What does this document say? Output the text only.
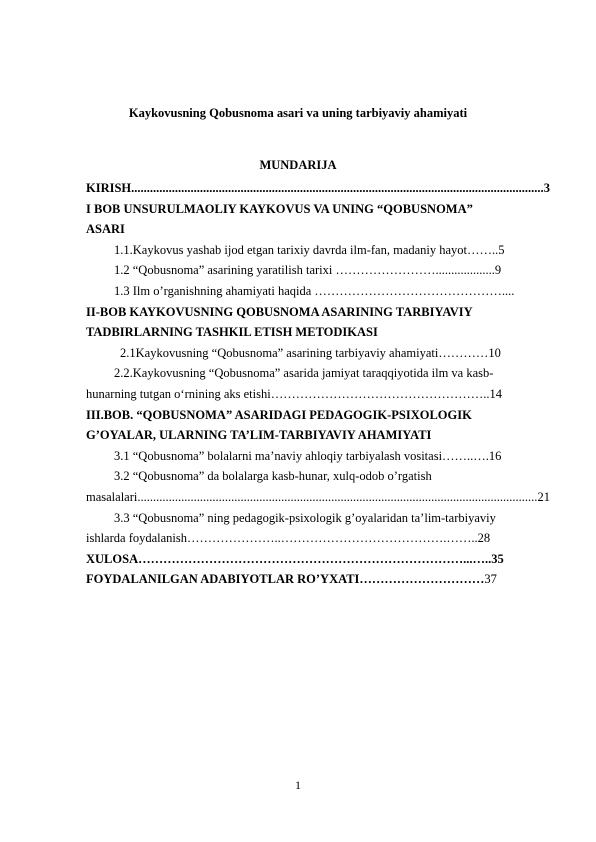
Kaykovusning Qobusnoma asari va uning tarbiyaviy ahamiyati
MUNDARIJA
KIRISH .....	3
I BOB UNSURULMAOLIY KAYKOVUS VA UNING “QOBUSNOMA”
ASARI
1.1.Kaykovus yashab ijod etgan tarixiy davrda ilm-fan, madaniy hayot…….. 5
1.2 “Qobusnoma” asarining yaratilish tarixi ……………………................... 9
1.3 Ilm o’rganishning ahamiyati haqida ………………………………………....
II-BOB KAYKOVUSNING QOBUSNOMA ASARINING TARBIYAVIY
TADBIRLARNING TASHKIL ETISH METODIKASI
2.1Kaykovusning “Qobusnoma” asarining tarbiyaviy ahamiyati………… 10
2.2.Kaykovusning “Qobusnoma” asarida jamiyat taraqqiyotida ilm va kasb-
hunarning tutgan o‘rnining aks etishi…………………………………………….. 14
III.BOB. “QOBUSNOMA” ASARIDAGI PEDAGOGIK-PSIXOLOGIK
G’OYALAR, ULARNING TA’LIM-TARBIYAVIY AHAMIYATI
3.1 “Qobusnoma” bolalarni ma’naviy ahloqiy tarbiyalash vositasi……..…. 16
3.2 “Qobusnoma” da bolalarga kasb-hunar, xulq-odob o’rgatish
masalalari .....	21
3.3 “Qobusnoma” ning pedagogik-psixologik g’oyalaridan ta’lim-tarbiyaviy
ishlarda foydalanish…………………..………………………………….…….. 28
XULOSA……………………………………………………………………...….. 35
FOYDALANILGAN ADABIYOTLAR RO’YXATI………………………… 37
1
